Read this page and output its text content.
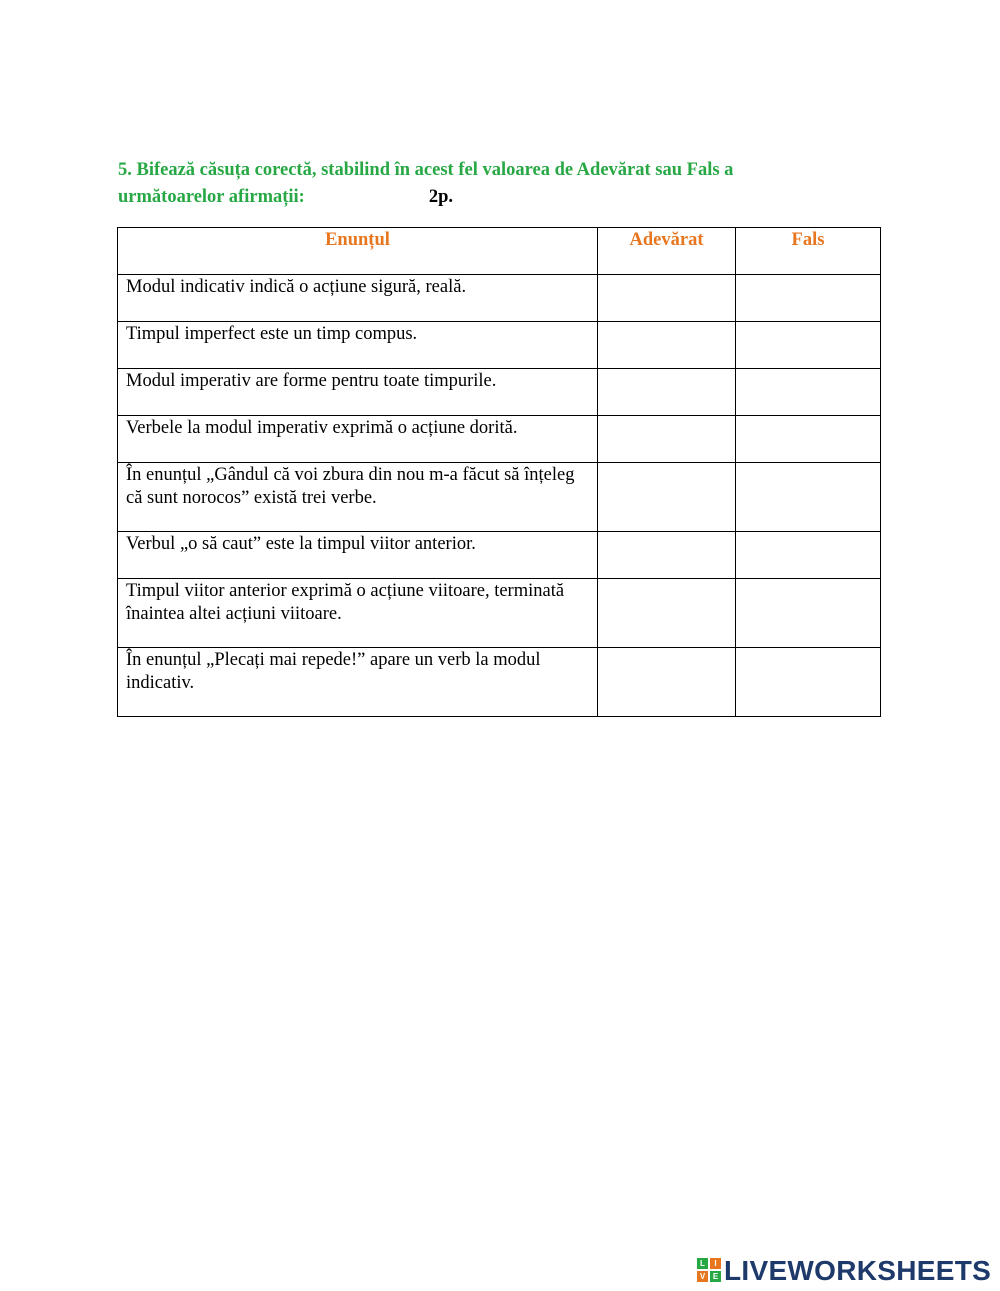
5. Bifează căsuța corectă, stabilind în acest fel valoarea de Adevărat sau Fals a următoarelor afirmații:	2p.

Enunțul	Adevărat	Fals
Modul indicativ indică o acțiune sigură, reală.		
Timpul imperfect este un timp compus.		
Modul imperativ are forme pentru toate timpurile.		
Verbele la modul imperativ exprimă o acțiune dorită.		
În enunțul „Gândul că voi zbura din nou m-a făcut să înțeleg că sunt norocos” există trei verbe.		
Verbul „o să caut” este la timpul viitor anterior.		
Timpul viitor anterior exprimă o acțiune viitoare, terminată înaintea altei acțiuni viitoare.		
În enunțul „Plecați mai repede!” apare un verb la modul indicativ.		
L	I
V E LIVEWORKSHEETS
